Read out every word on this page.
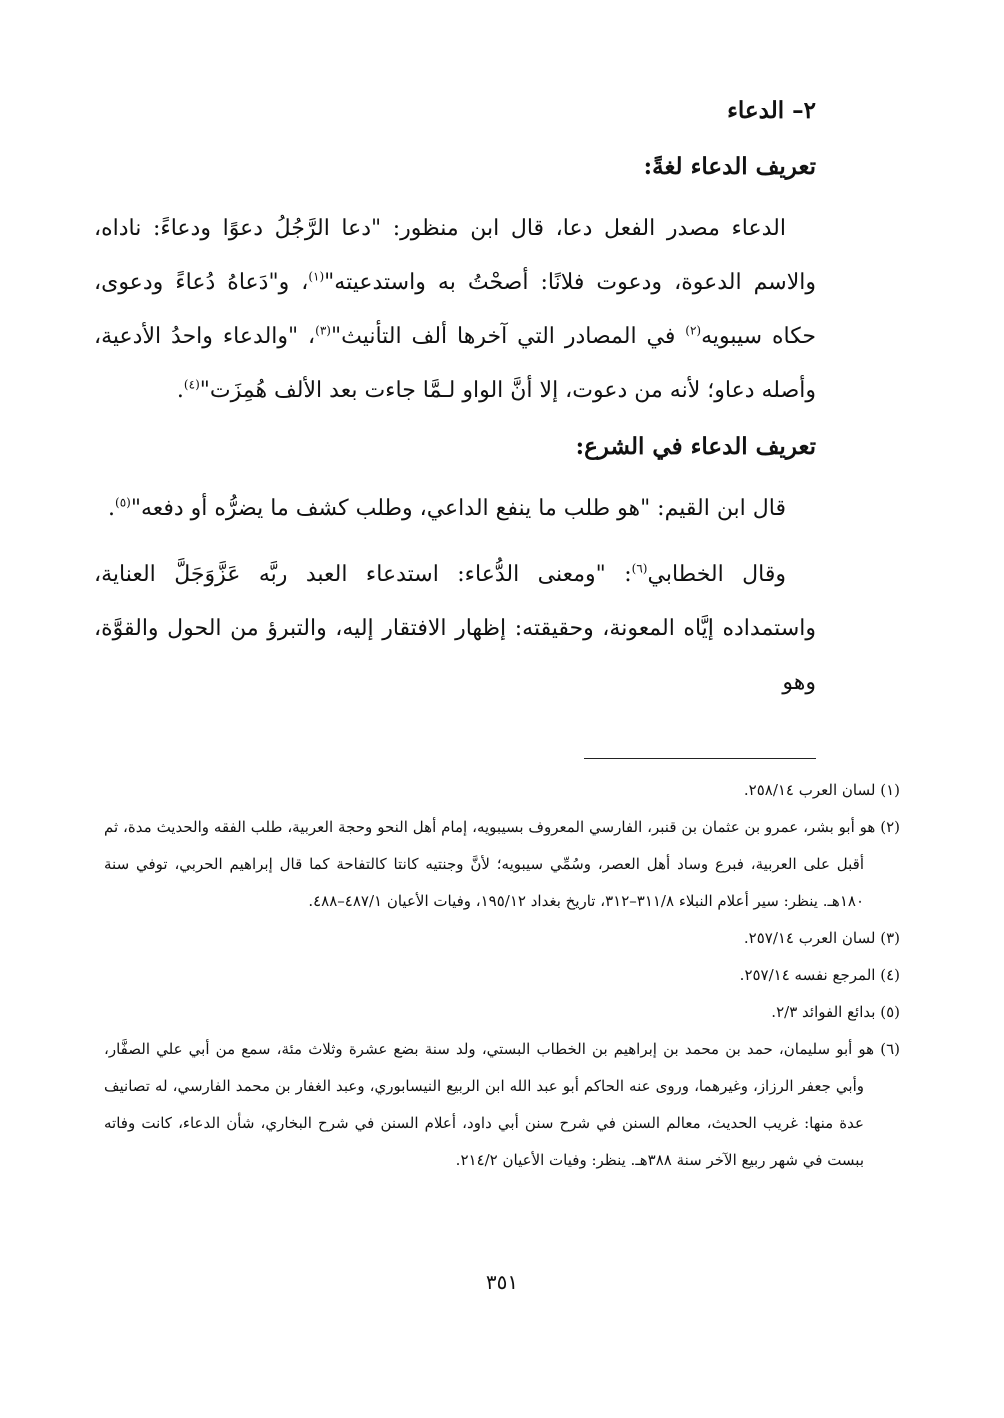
٢– الدعاء
تعريف الدعاء لغةً:

الدعاء مصدر الفعل دعا، قال ابن منظور: "دعا الرَّجُلُ دعوًا ودعاءً: ناداه، والاسم الدعوة، ودعوت فلانًا: أصحْتُ به واستدعيته"$^{(١)}$، و"دَعاهُ دُعاءً ودعوى، حكاه سيبويه$^{(٢)}$ في المصادر التي آخرها ألف التأنيث"$^{(٣)}$، "والدعاء واحدُ الأدعية، وأصله دعاو؛ لأنه من دعوت، إلا أنَّ الواو لـمَّا جاءت بعد الألف هُمِزَت"$^{(٤)}$.

تعريف الدعاء في الشرع:

قال ابن القيم: "هو طلب ما ينفع الداعي، وطلب كشف ما يضرُّه أو دفعه"$^{(٥)}$.

وقال الخطابي$^{(٦)}$: "ومعنى الدُّعاء: استدعاء العبد ربَّه عَزَّوَجَلَّ العناية، واستمداده إيَّاه المعونة، وحقيقته: إظهار الافتقار إليه، والتبرؤ من الحول والقوَّة، وهو

(١) لسان العرب ٢٥٨/١٤.

(٢) هو أبو بشر، عمرو بن عثمان بن قنبر، الفارسي المعروف بسيبويه، إمام أهل النحو وحجة العربية، طلب الفقه والحديث مدة، ثم أقبل على العربية، فبرع وساد أهل العصر، وسُمِّي سيبويه؛ لأنَّ وجنتيه كانتا كالتفاحة كما قال إبراهيم الحربي، توفي سنة ١٨٠هـ. ينظر: سير أعلام النبلاء ٣١١/٨–٣١٢، تاريخ بغداد ١٩٥/١٢، وفيات الأعيان ٤٨٧/١–٤٨٨.

(٣) لسان العرب ٢٥٧/١٤.

(٤) المرجع نفسه ٢٥٧/١٤.

(٥) بدائع الفوائد ٢/٣.

(٦) هو أبو سليمان، حمد بن محمد بن إبراهيم بن الخطاب البستي، ولد سنة بضع عشرة وثلاث مئة، سمع من أبي علي الصفَّار، وأبي جعفر الرزاز، وغيرهما، وروى عنه الحاكم أبو عبد الله ابن الربيع النيسابوري، وعبد الغفار بن محمد الفارسي، له تصانيف عدة منها: غريب الحديث، معالم السنن في شرح سنن أبي داود، أعلام السنن في شرح البخاري، شأن الدعاء، كانت وفاته ببست في شهر ربيع الآخر سنة ٣٨٨هـ. ينظر: وفيات الأعيان ٢١٤/٢.

٣٥١
